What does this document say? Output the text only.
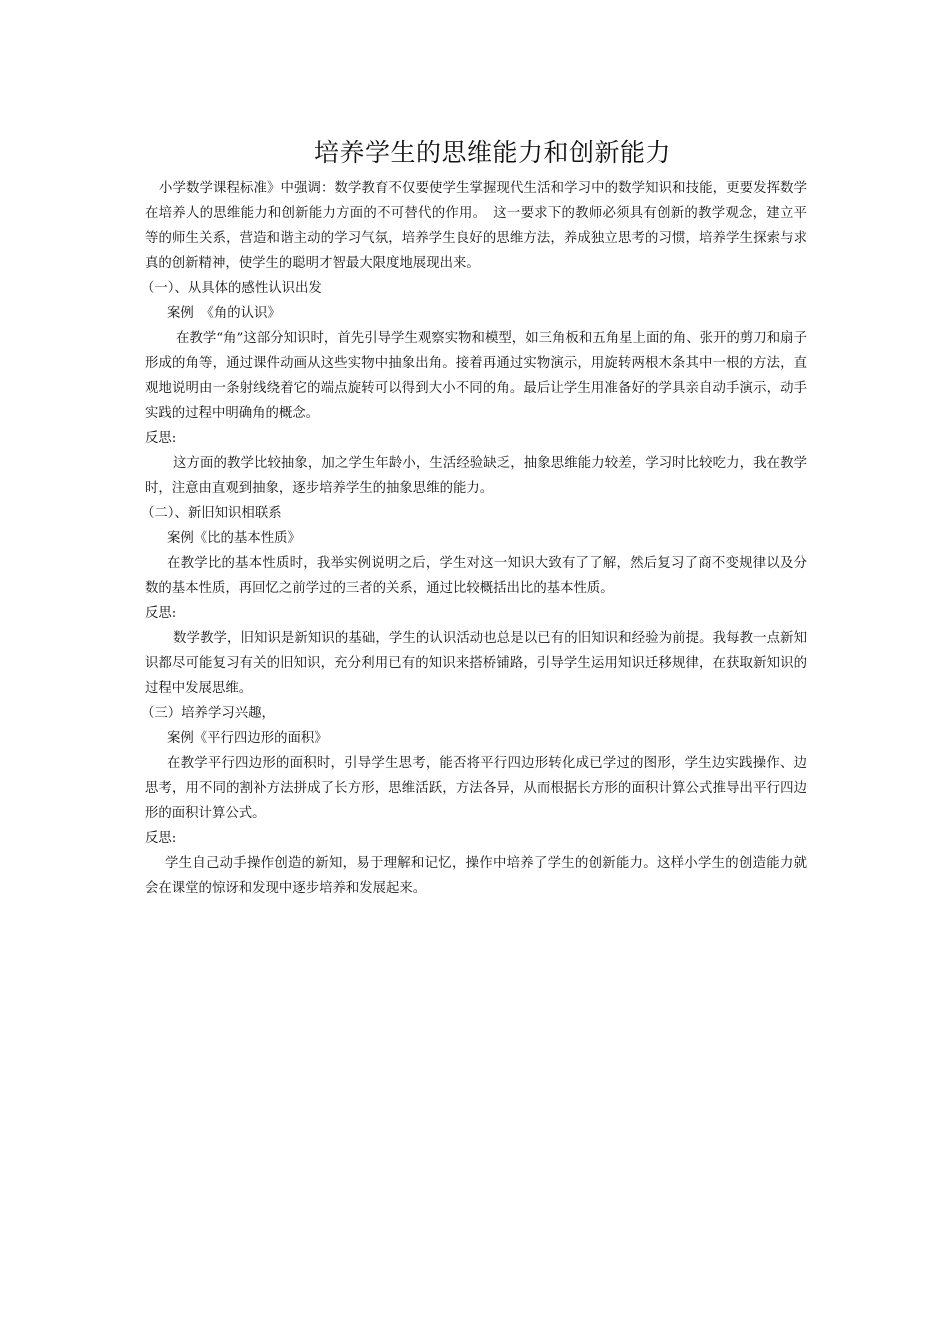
培养学生的思维能力和创新能力

小学数学课程标准》中强调：数学教育不仅要使学生掌握现代生活和学习中的数学知识和技能，更要发挥数学在培养人的思维能力和创新能力方面的不可替代的作用。　这一要求下的教师必须具有创新的教学观念，建立平等的师生关系，营造和谐主动的学习气氛，培养学生良好的思维方法，养成独立思考的习惯，培养学生探索与求真的创新精神，使学生的聪明才智最大限度地展现出来。

（一）、从具体的感性认识出发

案例　《角的认识》

在教学“角”这部分知识时，首先引导学生观察实物和模型，如三角板和五角星上面的角、张开的剪刀和扇子形成的角等，通过课件动画从这些实物中抽象出角。接着再通过实物演示，用旋转两根木条其中一根的方法，直观地说明由一条射线绕着它的端点旋转可以得到大小不同的角。最后让学生用准备好的学具亲自动手演示，动手实践的过程中明确角的概念。

反思:

这方面的教学比较抽象，加之学生年龄小，生活经验缺乏，抽象思维能力较差，学习时比较吃力，我在教学时，注意由直观到抽象，逐步培养学生的抽象思维的能力。

（二）、新旧知识相联系

案例《比的基本性质》

在教学比的基本性质时，我举实例说明之后，学生对这一知识大致有了了解，然后复习了商不变规律以及分数的基本性质，再回忆之前学过的三者的关系，通过比较概括出比的基本性质。

反思:

数学教学，旧知识是新知识的基础，学生的认识活动也总是以已有的旧知识和经验为前提。我每教一点新知识都尽可能复习有关的旧知识，充分利用已有的知识来搭桥铺路，引导学生运用知识迁移规律，在获取新知识的过程中发展思维。

（三）培养学习兴趣，

案例《平行四边形的面积》

在教学平行四边形的面积时，引导学生思考，能否将平行四边形转化成已学过的图形，学生边实践操作、边思考，用不同的割补方法拼成了长方形，思维活跃，方法各异，从而根据长方形的面积计算公式推导出平行四边形的面积计算公式。

反思:

学生自己动手操作创造的新知，易于理解和记忆，操作中培养了学生的创新能力。这样小学生的创造能力就会在课堂的惊讶和发现中逐步培养和发展起来。
